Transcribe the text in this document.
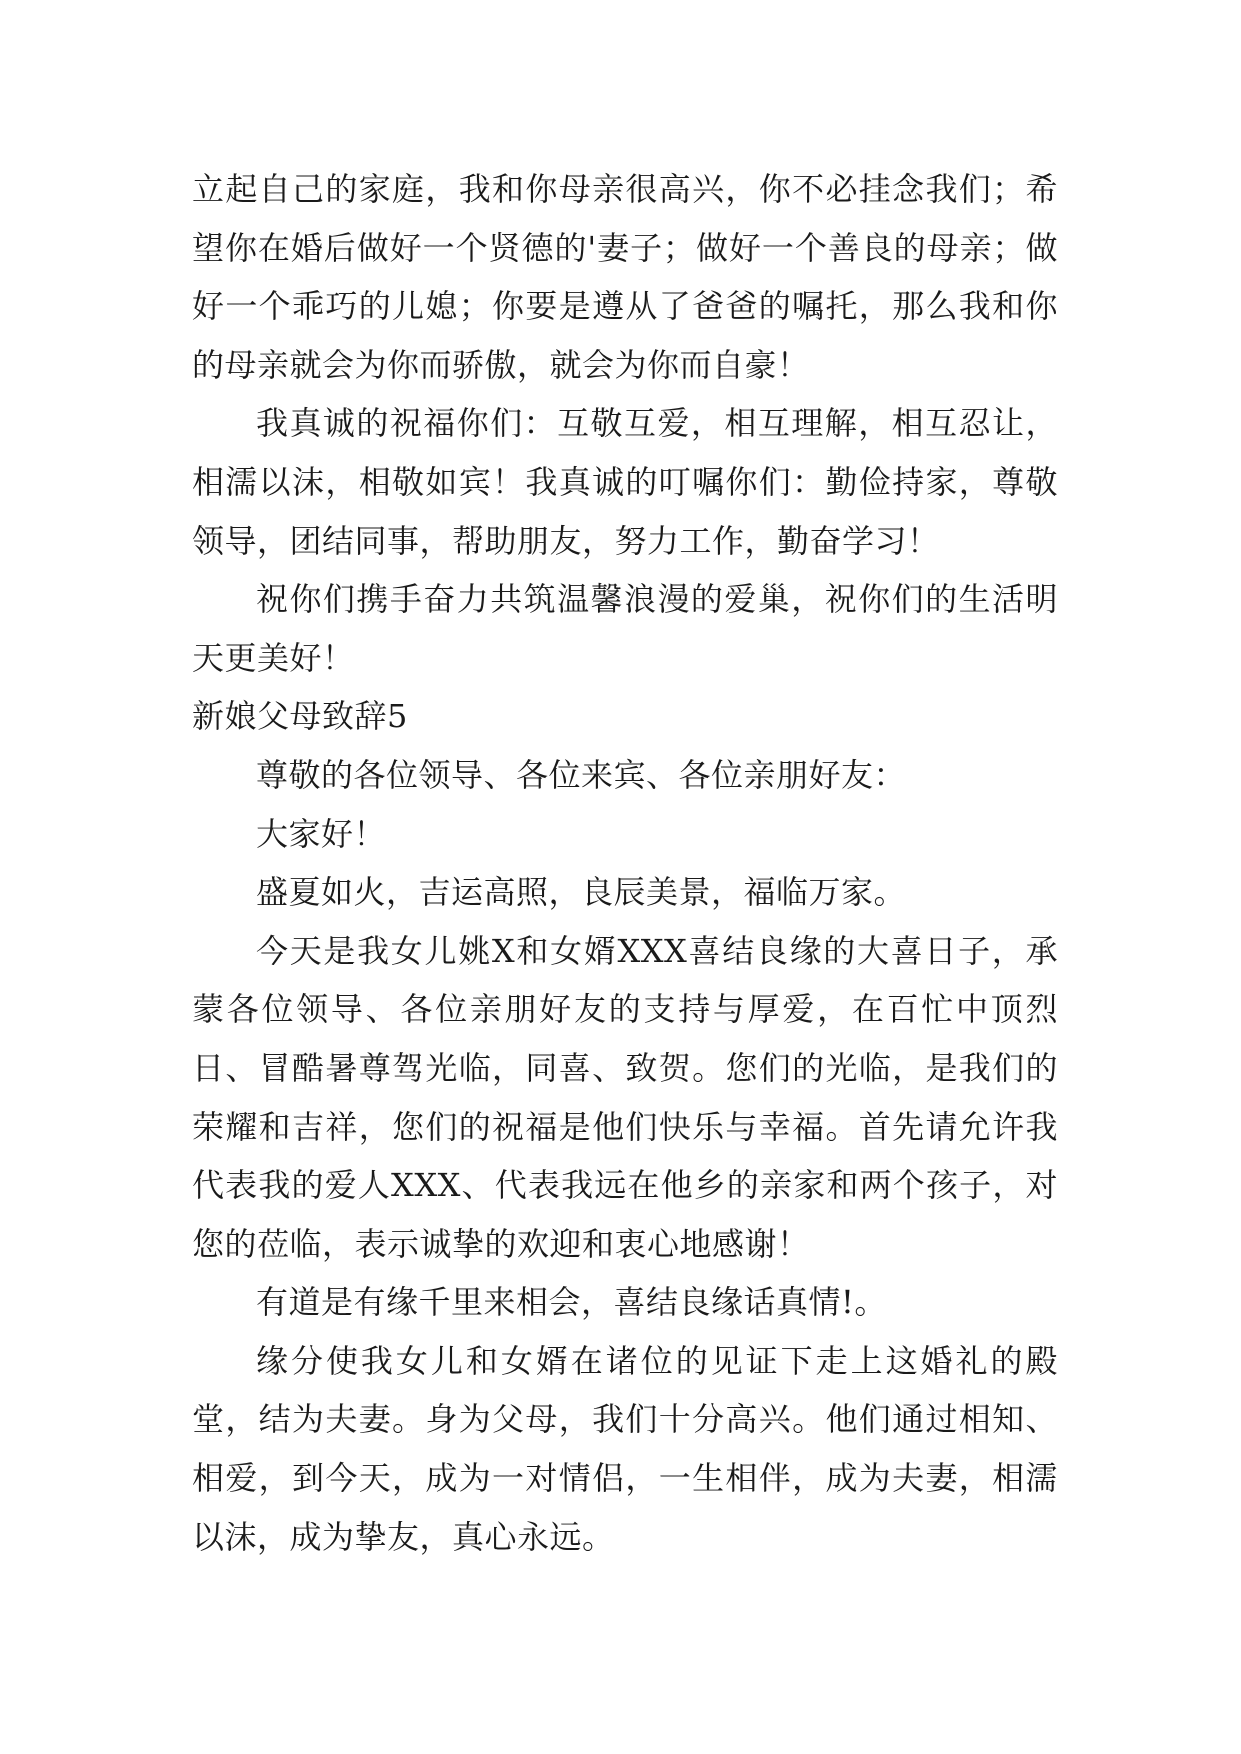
立起自己的家庭，我和你母亲很高兴，你不必挂念我们；希望你在婚后做好一个贤德的'妻子；做好一个善良的母亲；做好一个乖巧的儿媳；你要是遵从了爸爸的嘱托，那么我和你的母亲就会为你而骄傲，就会为你而自豪！

我真诚的祝福你们：互敬互爱，相互理解，相互忍让，相濡以沫，相敬如宾！我真诚的叮嘱你们：勤俭持家，尊敬领导，团结同事，帮助朋友，努力工作，勤奋学习！

祝你们携手奋力共筑温馨浪漫的爱巢，祝你们的生活明天更美好！

新娘父母致辞5

尊敬的各位领导、各位来宾、各位亲朋好友：

大家好！

盛夏如火，吉运高照，良辰美景，福临万家。

今天是我女儿姚X和女婿XXX喜结良缘的大喜日子，承蒙各位领导、各位亲朋好友的支持与厚爱，在百忙中顶烈日、冒酷暑尊驾光临，同喜、致贺。您们的光临，是我们的荣耀和吉祥，您们的祝福是他们快乐与幸福。首先请允许我代表我的爱人XXX、代表我远在他乡的亲家和两个孩子，对您的莅临，表示诚挚的欢迎和衷心地感谢！

有道是有缘千里来相会，喜结良缘话真情!。

缘分使我女儿和女婿在诸位的见证下走上这婚礼的殿堂，结为夫妻。身为父母，我们十分高兴。他们通过相知、相爱，到今天，成为一对情侣，一生相伴，成为夫妻，相濡以沫，成为挚友，真心永远。
